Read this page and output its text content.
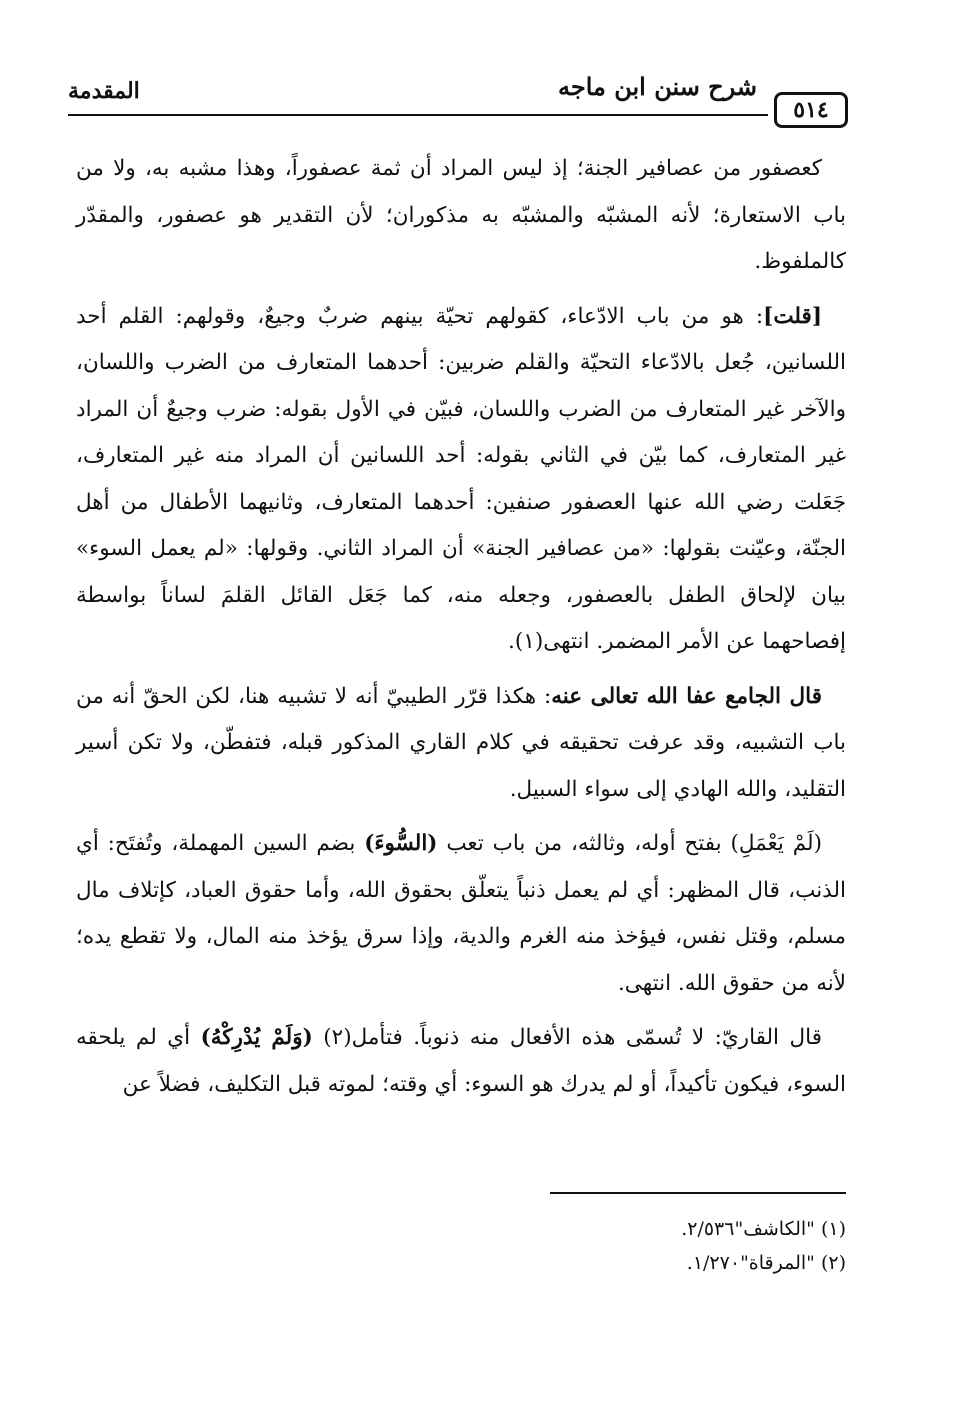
المقدمة	شرح سنن ابن ماجه
٥١٤

كعصفور من عصافير الجنة؛ إذ ليس المراد أن ثمة عصفوراً، وهذا مشبه به، ولا من باب الاستعارة؛ لأنه المشبّه والمشبّه به مذكوران؛ لأن التقدير هو عصفور، والمقدّر كالملفوظ.

[قلت]: هو من باب الادّعاء، كقولهم تحيّة بينهم ضربٌ وجيعٌ، وقولهم: القلم أحد اللسانين، جُعل بالادّعاء التحيّة والقلم ضربين: أحدهما المتعارف من الضرب واللسان، والآخر غير المتعارف من الضرب واللسان، فبيّن في الأول بقوله: ضرب وجيعٌ أن المراد غير المتعارف، كما بيّن في الثاني بقوله: أحد اللسانين أن المراد منه غير المتعارف، جَعَلت رضي الله عنها العصفور صنفين: أحدهما المتعارف، وثانيهما الأطفال من أهل الجنّة، وعيّنت بقولها: «من عصافير الجنة» أن المراد الثاني. وقولها: «لم يعمل السوء» بيان لإلحاق الطفل بالعصفور، وجعله منه، كما جَعَل القائل القلمَ لساناً بواسطة إفصاحهما عن الأمر المضمر. انتهى(١).

قال الجامع عفا الله تعالى عنه: هكذا قرّر الطيبيّ أنه لا تشبيه هنا، لكن الحقّ أنه من باب التشبيه، وقد عرفت تحقيقه في كلام القاري المذكور قبله، فتفطّن، ولا تكن أسير التقليد، والله الهادي إلى سواء السبيل.

(لَمْ يَعْمَلِ) بفتح أوله، وثالثه، من باب تعب (السُّوءَ) بضم السين المهملة، وتُفتَح: أي الذنب، قال المظهر: أي لم يعمل ذنباً يتعلّق بحقوق الله، وأما حقوق العباد، كإتلاف مال مسلم، وقتل نفس، فيؤخذ منه الغرم والدية، وإذا سرق يؤخذ منه المال، ولا تقطع يده؛ لأنه من حقوق الله. انتهى.

قال القاريّ: لا تُسمّى هذه الأفعال منه ذنوباً. فتأمل(٢) (وَلَمْ يُدْرِكْهُ) أي لم يلحقه السوء، فيكون تأكيداً، أو لم يدرك هو السوء: أي وقته؛ لموته قبل التكليف، فضلاً عن

(١) "الكاشف"٢/٥٣٦.
(٢) "المرقاة"١/٢٧٠.
